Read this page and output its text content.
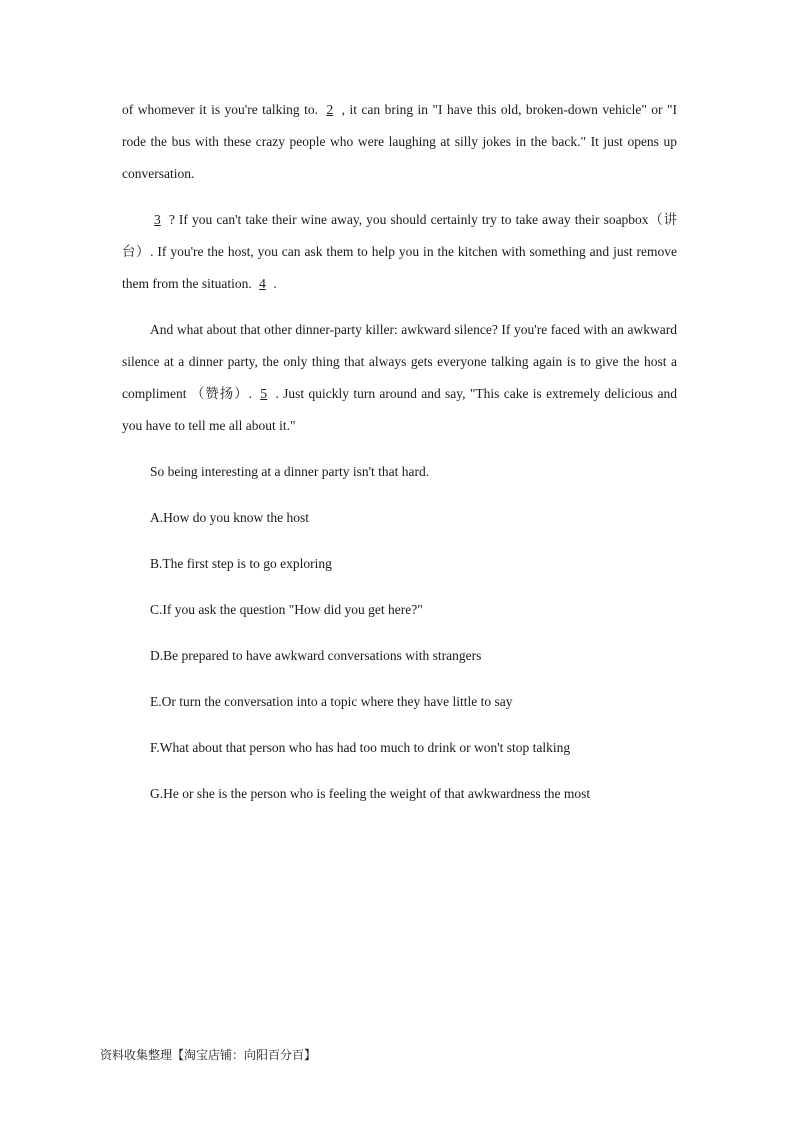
of whomever it is you're talking to. 2 , it can bring in "I have this old, broken-down vehicle" or "I rode the bus with these crazy people who were laughing at silly jokes in the back." It just opens up conversation.

3 ? If you can't take their wine away, you should certainly try to take away their soapbox（讲台）. If you're the host, you can ask them to help you in the kitchen with something and just remove them from the situation. 4 .

And what about that other dinner-party killer: awkward silence? If you're faced with an awkward silence at a dinner party, the only thing that always gets everyone talking again is to give the host a compliment （赞扬）. 5 . Just quickly turn around and say, "This cake is extremely delicious and you have to tell me all about it."

So being interesting at a dinner party isn't that hard.

A.How do you know the host
B.The first step is to go exploring
C.If you ask the question "How did you get here?"
D.Be prepared to have awkward conversations with strangers
E.Or turn the conversation into a topic where they have little to say
F.What about that person who has had too much to drink or won't stop talking
G.He or she is the person who is feeling the weight of that awkwardness the most
资料收集整理【淘宝店铺：向阳百分百】
